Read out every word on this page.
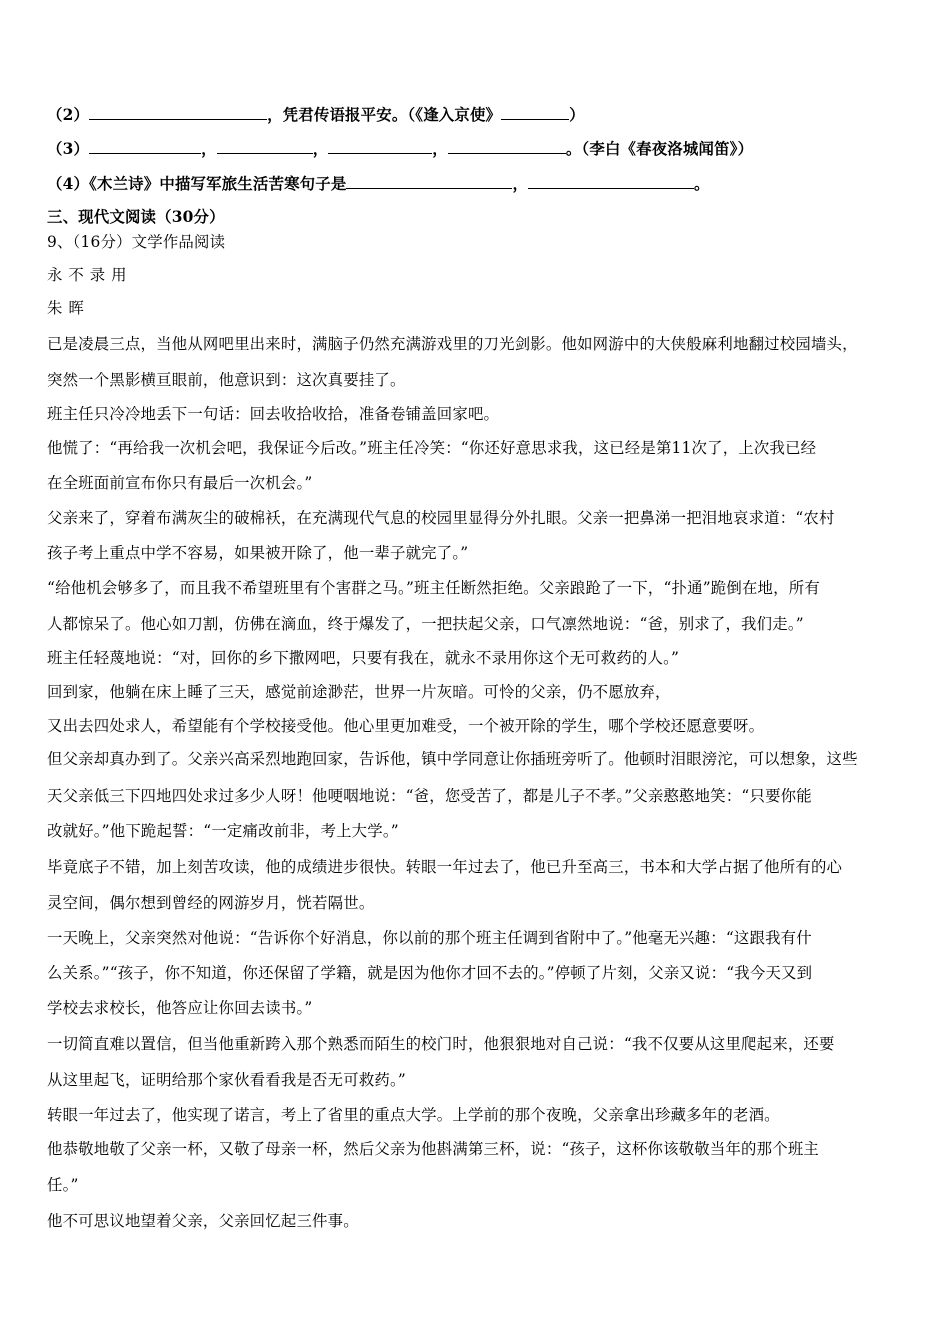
（2）	，凭君传语报平安。（《逢入京使》	）
（3）	，	，	，	。（李白《春夜洛城闻笛》）
（4）《木兰诗》中描写军旅生活苦寒句子是	，	。
三、现代文阅读（30分）
9、（16分）文学作品阅读
永不录用
朱晖
已是凌晨三点，当他从网吧里出来时，满脑子仍然充满游戏里的刀光剑影。他如网游中的大侠般麻利地翻过校园墙头，
突然一个黑影横亘眼前，他意识到：这次真要挂了。
班主任只冷冷地丢下一句话：回去收拾收拾，准备卷铺盖回家吧。
他慌了：“再给我一次机会吧，我保证今后改。”班主任冷笑：“你还好意思求我，这已经是第11次了，上次我已经
在全班面前宣布你只有最后一次机会。”
父亲来了，穿着布满灰尘的破棉袄，在充满现代气息的校园里显得分外扎眼。父亲一把鼻涕一把泪地哀求道：“农村
孩子考上重点中学不容易，如果被开除了，他一辈子就完了。”
“给他机会够多了，而且我不希望班里有个害群之马。”班主任断然拒绝。父亲踉跄了一下，“扑通”跪倒在地，所有
人都惊呆了。他心如刀割，仿佛在滴血，终于爆发了，一把扶起父亲，口气凛然地说：“爸，别求了，我们走。”
班主任轻蔑地说：“对，回你的乡下撒网吧，只要有我在，就永不录用你这个无可救药的人。”
回到家，他躺在床上睡了三天，感觉前途渺茫，世界一片灰暗。可怜的父亲，仍不愿放弃，
又出去四处求人，希望能有个学校接受他。他心里更加难受，一个被开除的学生，哪个学校还愿意要呀。
但父亲却真办到了。父亲兴高采烈地跑回家，告诉他，镇中学同意让你插班旁听了。他顿时泪眼滂沱，可以想象，这些
天父亲低三下四地四处求过多少人呀！他哽咽地说：“爸，您受苦了，都是儿子不孝。”父亲憨憨地笑：“只要你能
改就好。”他下跪起誓：“一定痛改前非，考上大学。”
毕竟底子不错，加上刻苦攻读，他的成绩进步很快。转眼一年过去了，他已升至高三，书本和大学占据了他所有的心
灵空间，偶尔想到曾经的网游岁月，恍若隔世。
一天晚上，父亲突然对他说：“告诉你个好消息，你以前的那个班主任调到省附中了。”他毫无兴趣：“这跟我有什
么关系。”“孩子，你不知道，你还保留了学籍，就是因为他你才回不去的。”停顿了片刻，父亲又说：“我今天又到
学校去求校长，他答应让你回去读书。”
一切简直难以置信，但当他重新跨入那个熟悉而陌生的校门时，他狠狠地对自己说：“我不仅要从这里爬起来，还要
从这里起飞，证明给那个家伙看看我是否无可救药。”
转眼一年过去了，他实现了诺言，考上了省里的重点大学。上学前的那个夜晚，父亲拿出珍藏多年的老酒。
他恭敬地敬了父亲一杯，又敬了母亲一杯，然后父亲为他斟满第三杯，说：“孩子，这杯你该敬敬当年的那个班主
任。”
他不可思议地望着父亲，父亲回忆起三件事。
